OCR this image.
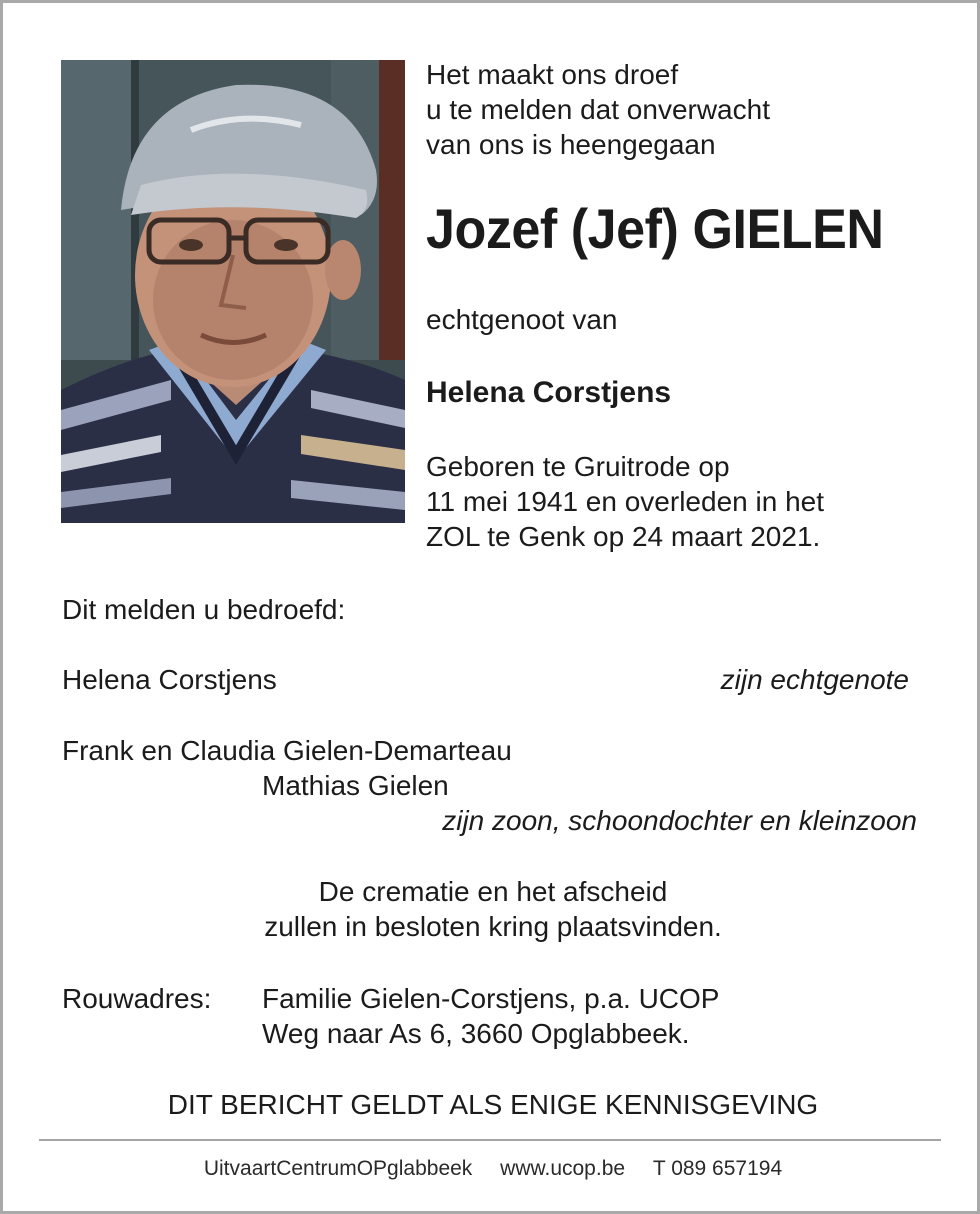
Het maakt ons droef
u te melden dat onverwacht
van ons is heengegaan
Jozef (Jef) GIELEN
echtgenoot van
Helena Corstjens
Geboren te Gruitrode op
11 mei 1941 en overleden in het
ZOL te Genk op 24 maart 2021.
Dit melden u bedroefd:
Helena Corstjens	zijn echtgenote
Frank en Claudia Gielen-Demarteau
Mathias Gielen
zijn zoon, schoondochter en kleinzoon
De crematie en het afscheid
zullen in besloten kring plaatsvinden.
Rouwadres: Familie Gielen-Corstjens, p.a. UCOP
Weg naar As 6, 3660 Opglabbeek.
DIT BERICHT GELDT ALS ENIGE KENNISGEVING
UitvaartCentrumOPglabbeek www.ucop.be T 089 657194
